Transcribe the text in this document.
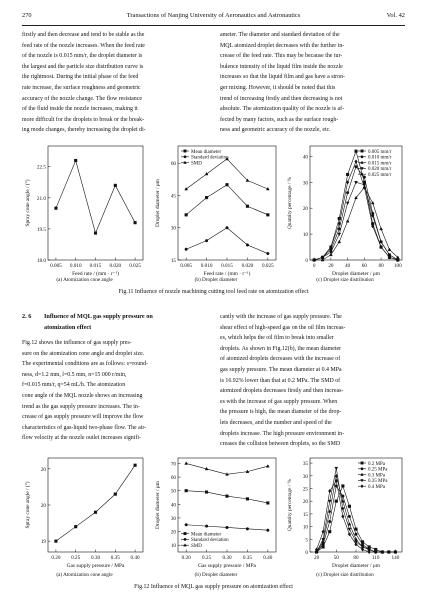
Transactions of Nanjing University of Aeronautics and Astronautics
270	Vol. 42
firstly and then decrease and tend to be stable as the
feed rate of the nozzle increases. When the feed rate
of the nozzle is 0.015 mm/r, the droplet diameter is
the largest and the particle size distribution curve is
the rightmost. During the initial phase of the feed
rate increase, the surface roughness and geometric
accuracy of the nozzle change. The flow resistance
of the fluid inside the nozzle increases, making it
more difficult for the droplets to break or the break-
ing mode changes, thereby increasing the droplet di-
ameter. The diameter and standard deviation of the
MQL atomized droplet decreases with the further in-
crease of the feed rate. This may be because the tur-
bulence intensity of the liquid film inside the nozzle
increases so that the liquid film and gas have a stron-
ger mixing. However, it should be noted that this
trend of increasing firstly and then decreasing is not
absolute. The atomization quality of the nozzle is af-
fected by many factors, such as the surface rough-
ness and geometric accuracy of the nozzle, etc.
18.0
19.5
21.0
22.5
0.005 0.010 0.015 0.020 0.025
Feed rate / (mm · r⁻¹)
Spray cone angle / (°)
15
30
45
60
0.005 0.010 0.015 0.020 0.025
Feed rate / (mm · r⁻¹)
Droplet diameter / μm
Mean diameter
Standard deviation
SMD
0
10
20
30
40
0 20 40 60 80 100
Droplet diameter / μm
Quantity percentage / %
0.005 mm/r
0.010 mm/r
0.015 mm/r
0.020 mm/r
0.025 mm/r
(a) Atomization cone angle	(b) Droplet diameter	(c) Droplet size distribution
Fig.11 Influence of nozzle machining cutting tool feed rate on atomization effect
2. 6 Influence of MQL gas supply pressure on
atomization effect
Fig.12 shows the influence of gas supply pres-
sure on the atomization cone angle and droplet size.
The experimental conditions are as follows: s=round-
ness, d=1.2 mm, l=0.5 mm, n=15 000 r/min,
f=0.015 mm/r, q=54 mL/h. The atomization
cone angle of the MQL nozzle shows an increasing
trend as the gas supply pressure increases. The in-
crease of gas supply pressure will improve the flow
characteristics of gas-liquid two-phase flow. The air-
flow velocity at the nozzle outlet increases signifi-
cantly with the increase of gas supply pressure. The
shear effect of high-speed gas on the oil film increas-
es, which helps the oil film to break into smaller
droplets. As shown in Fig.12(b), the mean diameter
of atomized droplets decreases with the increase of
gas supply pressure. The mean diameter at 0.4 MPa
is 16.92% lower than that at 0.2 MPa. The SMD of
atomized droplets decreases firstly and then increas-
es with the increase of gas supply pressure. When
the pressure is high, the mean diameter of the drop-
lets decreases, and the number and speed of the
droplets increase. The high pressure environment in-
creases the collision between droplets, so the SMD
19
20
20
0.20 0.25 0.30 0.35 0.40
Gas supply pressure / MPa
Spray cone angle / (°)
10
20
30
40
50
60
70
0.20 0.25 0.30 0.35 0.40
Gas supply pressure / MPa
Droplet diameter / μm
Mean diameter
Standard deviation
SMD
0
5
10
15
20
25
30
35
20	50	80	110 140
Droplet diameter / μm
Quantity percentage / %
0.2 MPa
0.25 MPa
0.3 MPa
0.35 MPa
0.4 MPa
(a) Atomization cone angle	(b) Droplet diameter	(c) Droplet size distribution
Fig.12 Influence of MQL gas supply pressure on atomization effect
